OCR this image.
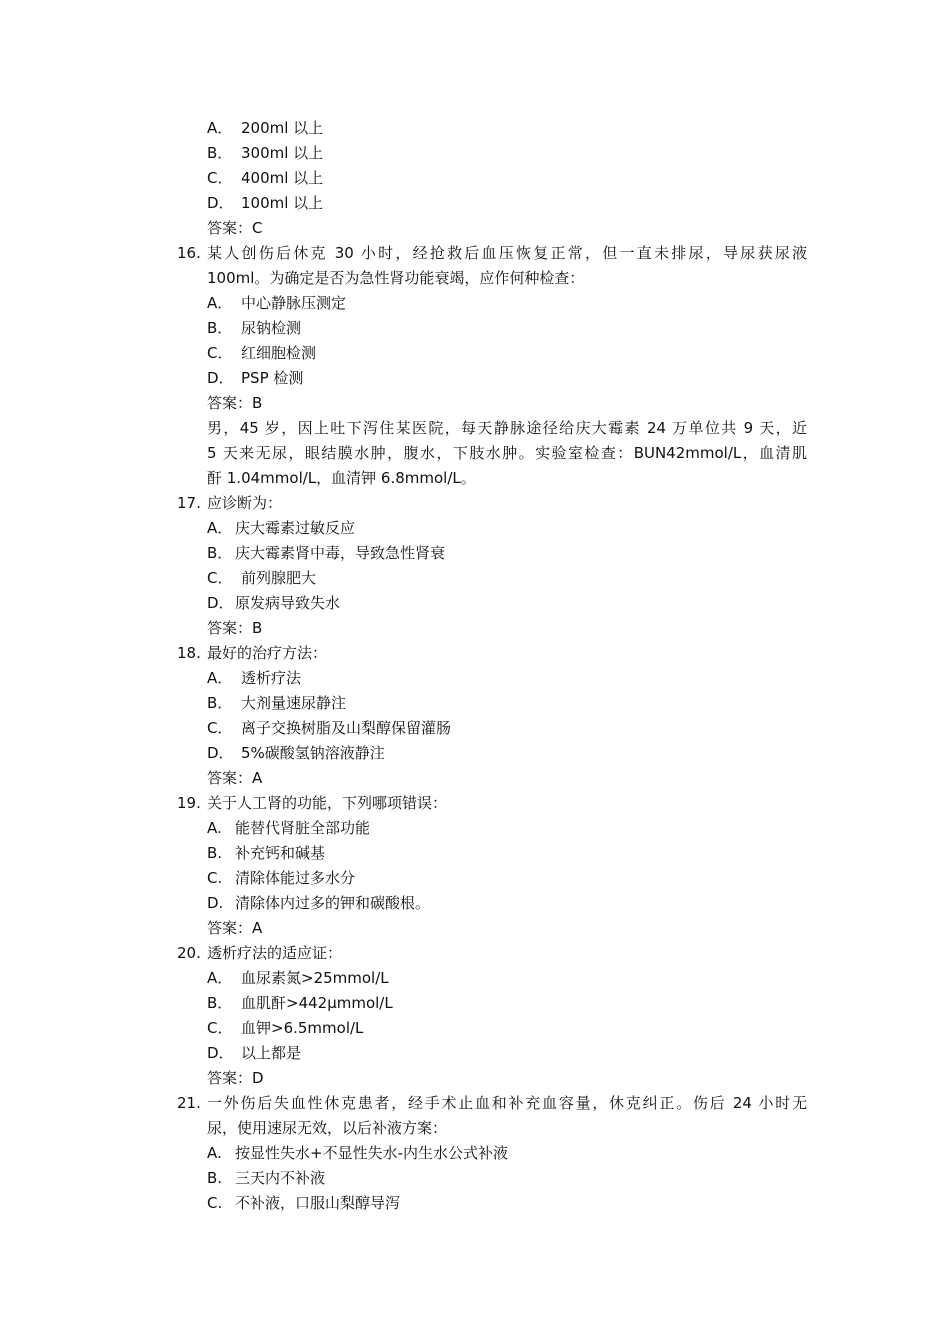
A． 200ml 以上
B． 300ml 以上
C． 400ml 以上
D． 100ml 以上
答案：C
16. 某人创伤后休克 30 小时，经抢救后血压恢复正常，但一直未排尿，导尿获尿液
100ml。为确定是否为急性肾功能衰竭，应作何种检查：
A． 中心静脉压测定
B． 尿钠检测
C． 红细胞检测
D． PSP 检测
答案：B
男，45 岁，因上吐下泻住某医院，每天静脉途径给庆大霉素 24 万单位共 9 天，近
5 天来无尿，眼结膜水肿，腹水，下肢水肿。实验室检查：BUN42mmol/L，血清肌
酐 1.04mmol/L，血清钾 6.8mmol/L。
17. 应诊断为：
A． 庆大霉素过敏反应
B． 庆大霉素肾中毒，导致急性肾衰
C． 前列腺肥大
D．原发病导致失水
答案：B
18. 最好的治疗方法：
A． 透析疗法
B． 大剂量速尿静注
C． 离子交换树脂及山梨醇保留灌肠
D． 5%碳酸氢钠溶液静注
答案：A
19. 关于人工肾的功能，下列哪项错误：
A. 能替代肾脏全部功能
B. 补充钙和碱基
C. 清除体能过多水分
D. 清除体内过多的钾和碳酸根。
答案：A
20. 透析疗法的适应证：
A． 血尿素氮>25mmol/L
B． 血肌酐>442μmmol/L
C． 血钾>6.5mmol/L
D． 以上都是
答案：D
21. 一外伤后失血性休克患者，经手术止血和补充血容量，休克纠正。伤后 24 小时无
尿，使用速尿无效，以后补液方案：
A. 按显性失水+不显性失水-内生水公式补液
B. 三天内不补液
C. 不补液，口服山梨醇导泻
